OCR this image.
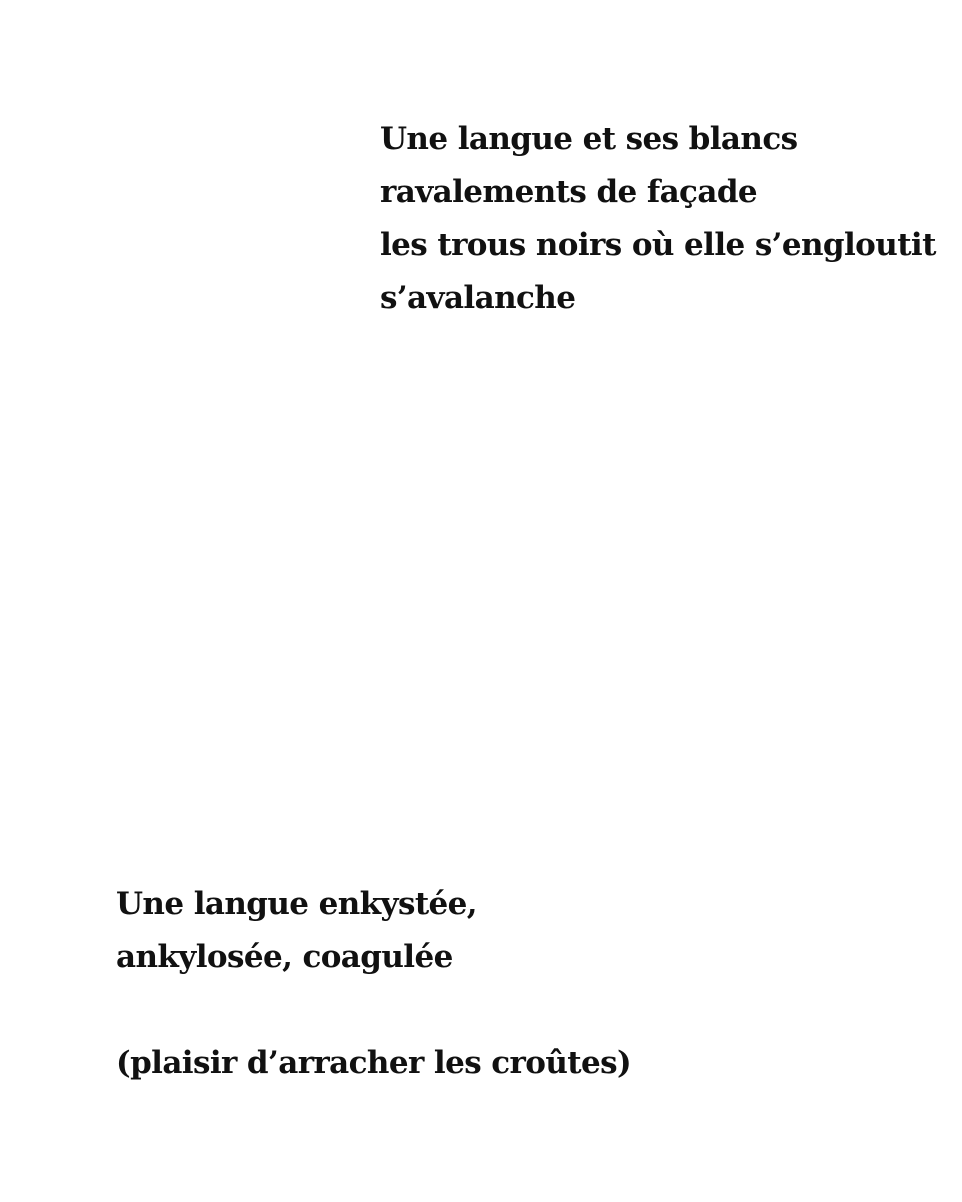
Une langue et ses blancs
ravalements de façade
les trous noirs où elle s’engloutit
s’avalanche
Une langue enkystée,
ankylosée, coagulée
(plaisir d’arracher les croûtes)
